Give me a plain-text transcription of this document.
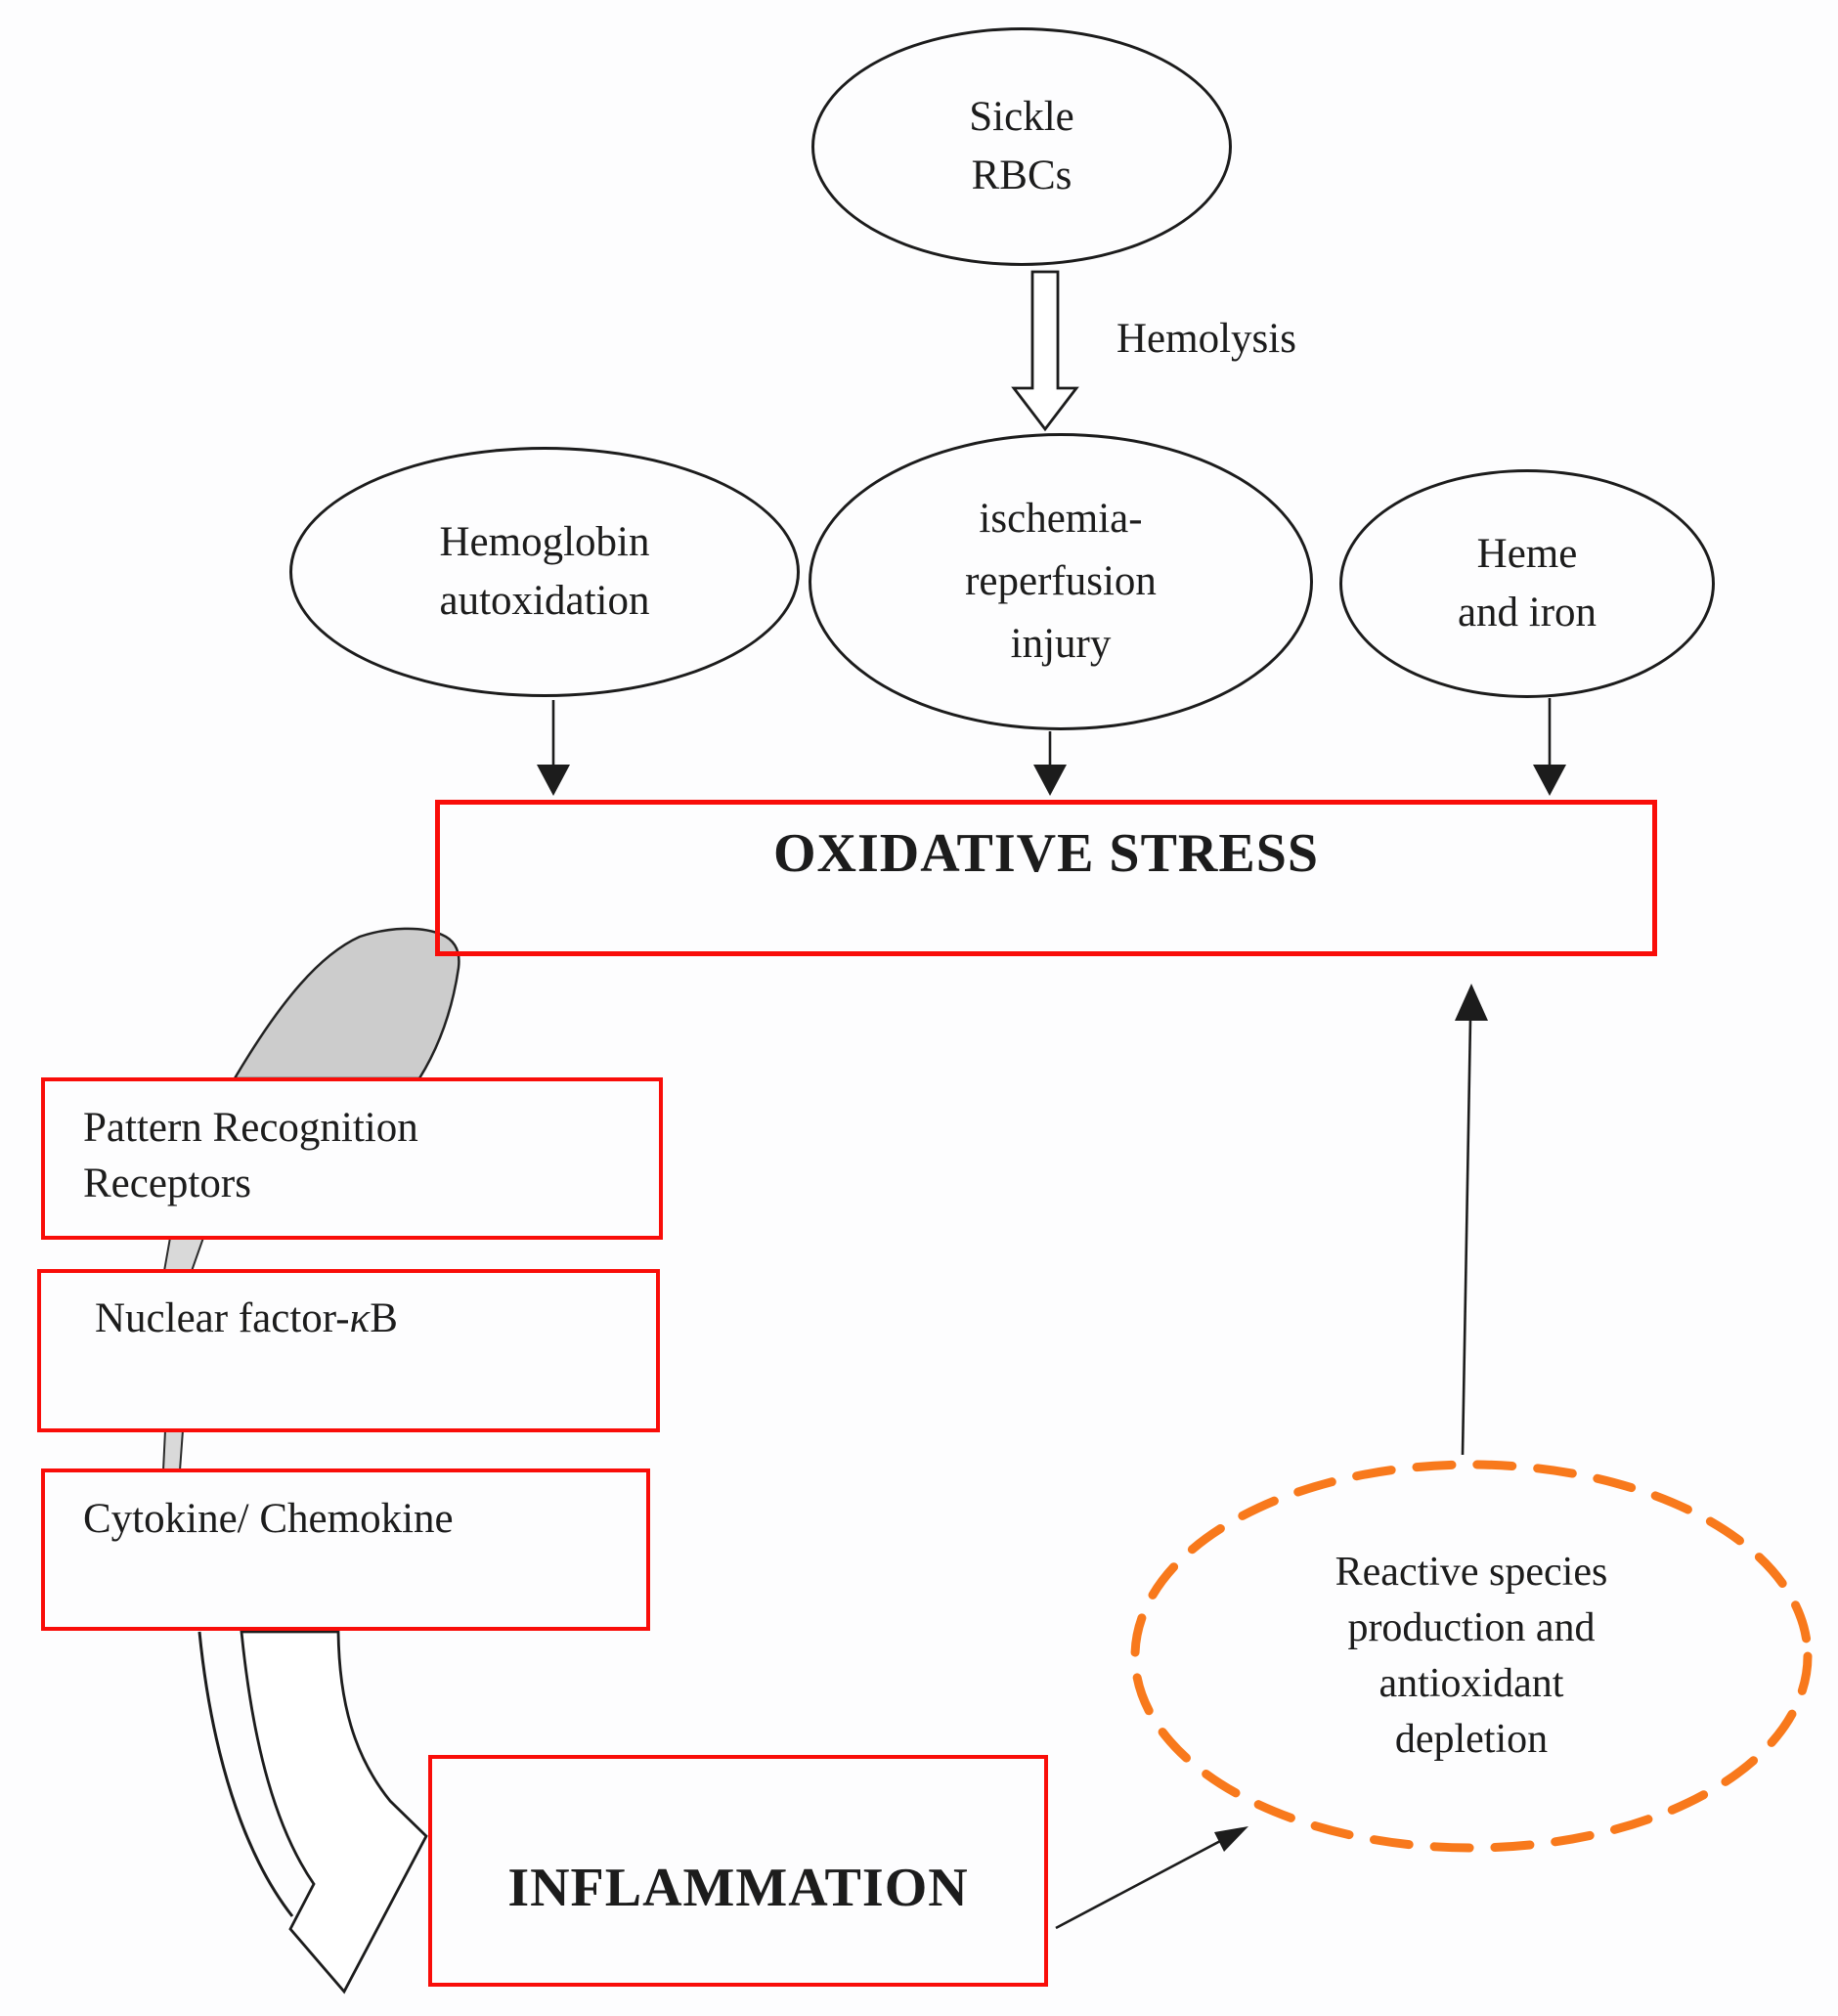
Sickle
RBCs
Hemoglobin
autoxidation
ischemia-
reperfusion
injury
Heme
and iron
Hemolysis
OXIDATIVE STRESS
Pattern Recognition
Receptors
Nuclear factor-κB
Cytokine/ Chemokine
INFLAMMATION
Reactive species
production and
antioxidant
depletion
